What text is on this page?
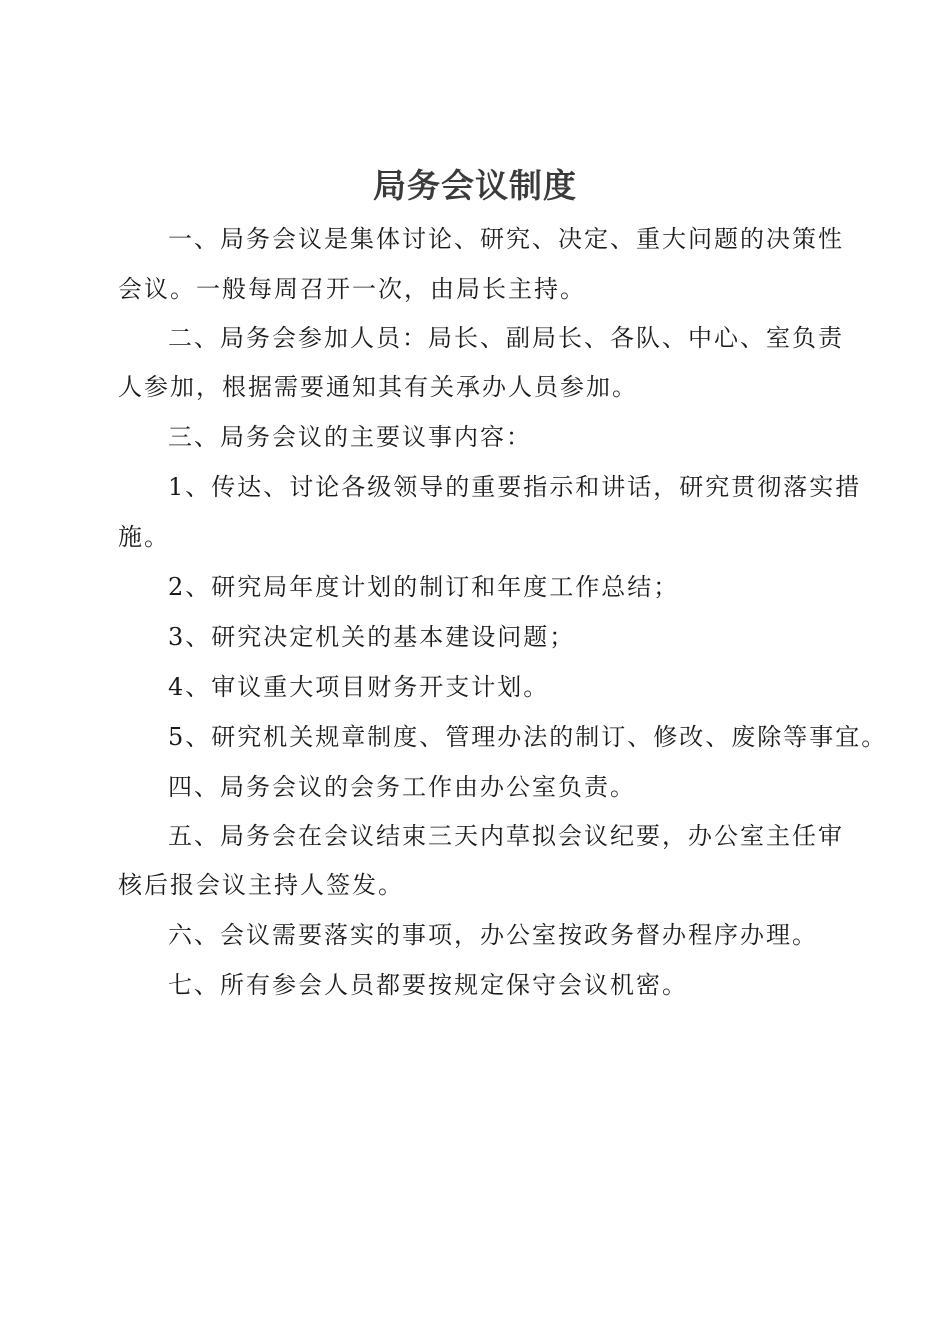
局务会议制度

一、局务会议是集体讨论、研究、决定、重大问题的决策性

会议。一般每周召开一次，由局长主持。

二、局务会参加人员：局长、副局长、各队、中心、室负责

人参加，根据需要通知其有关承办人员参加。

三、局务会议的主要议事内容：

1、传达、讨论各级领导的重要指示和讲话，研究贯彻落实措

施。

2、研究局年度计划的制订和年度工作总结；

3、研究决定机关的基本建设问题；

4、审议重大项目财务开支计划。

5、研究机关规章制度、管理办法的制订、修改、废除等事宜。

四、局务会议的会务工作由办公室负责。

五、局务会在会议结束三天内草拟会议纪要，办公室主任审

核后报会议主持人签发。

六、会议需要落实的事项，办公室按政务督办程序办理。

七、所有参会人员都要按规定保守会议机密。
